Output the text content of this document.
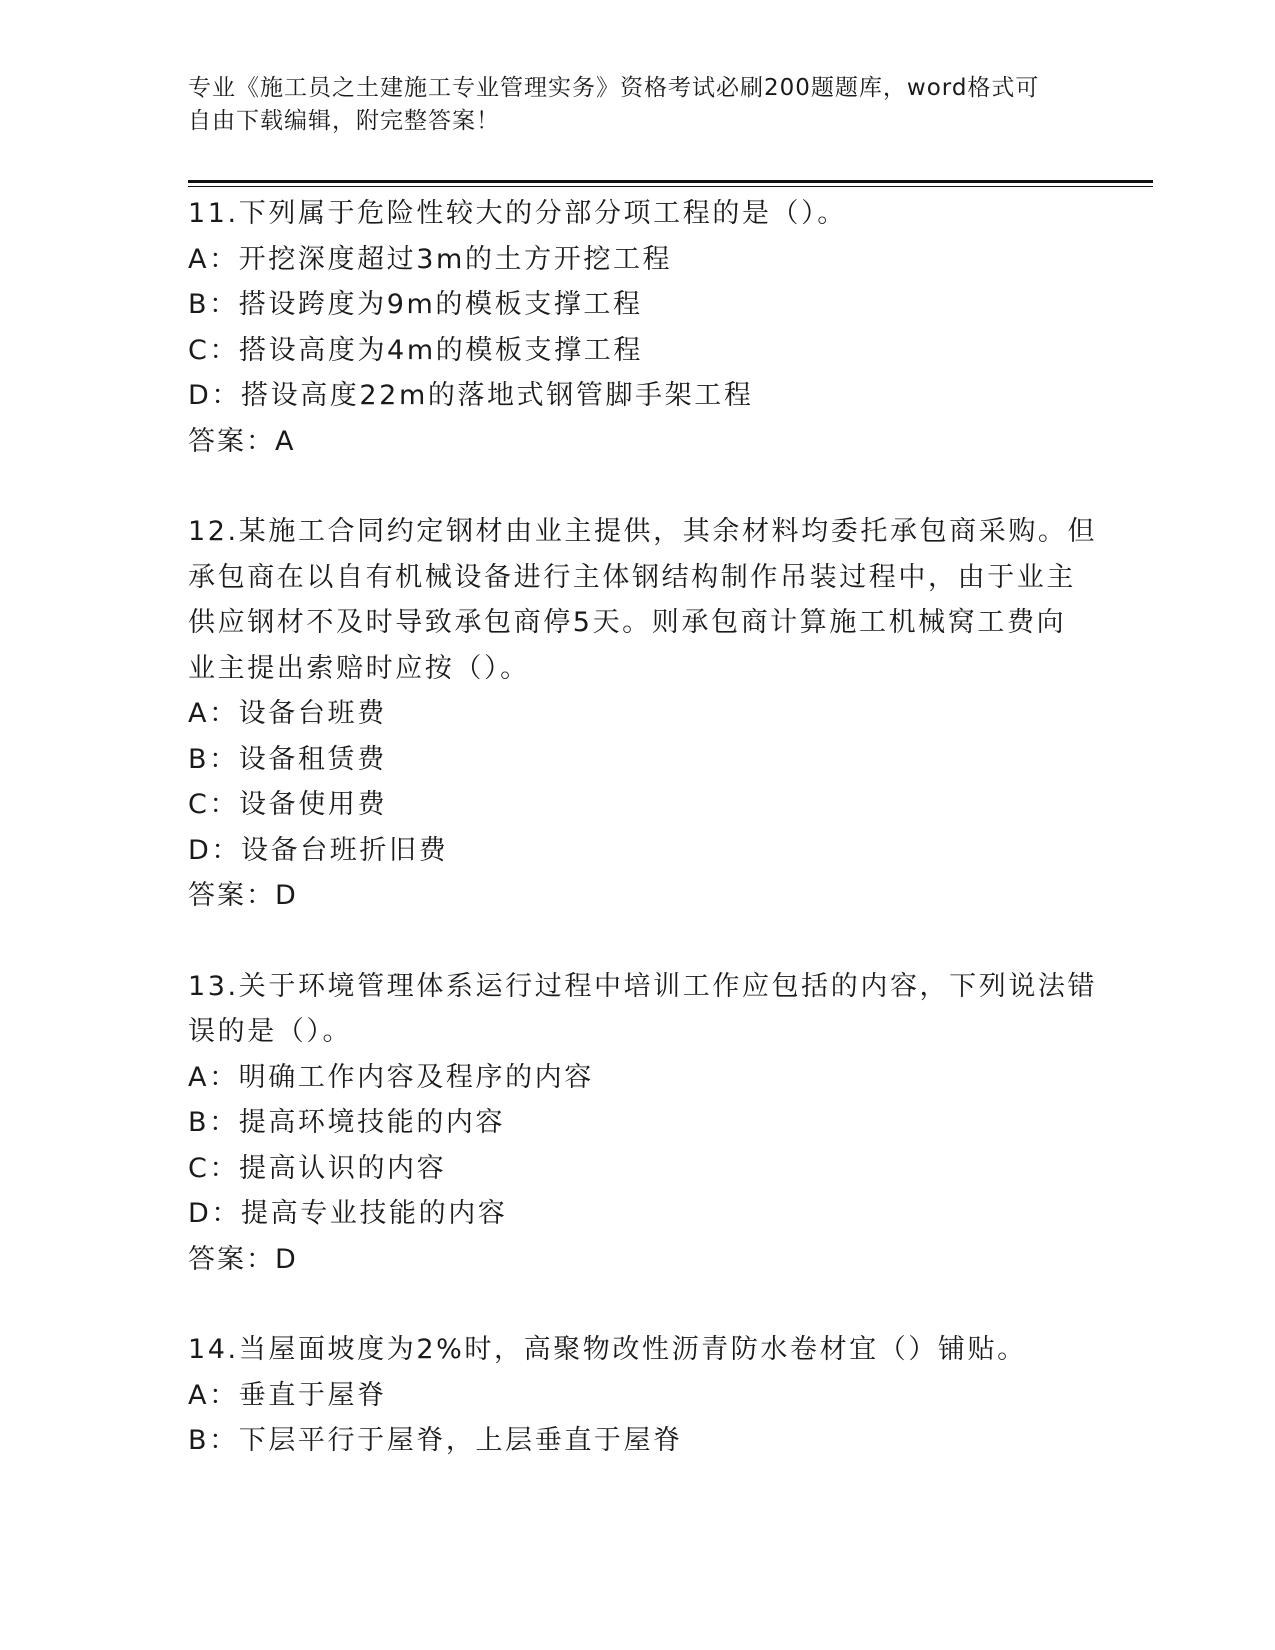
专业《施工员之土建施工专业管理实务》资格考试必刷200题题库，word格式可

自由下载编辑，附完整答案！

11.下列属于危险性较大的分部分项工程的是（）。
A：开挖深度超过3m的土方开挖工程
B：搭设跨度为9m的模板支撑工程
C：搭设高度为4m的模板支撑工程
D：搭设高度22m的落地式钢管脚手架工程
答案：A
12.某施工合同约定钢材由业主提供，其余材料均委托承包商采购。但
承包商在以自有机械设备进行主体钢结构制作吊装过程中，由于业主
供应钢材不及时导致承包商停5天。则承包商计算施工机械窝工费向
业主提出索赔时应按（）。
A：设备台班费
B：设备租赁费
C：设备使用费
D：设备台班折旧费
答案：D
13.关于环境管理体系运行过程中培训工作应包括的内容，下列说法错
误的是（）。
A：明确工作内容及程序的内容
B：提高环境技能的内容
C：提高认识的内容
D：提高专业技能的内容
答案：D
14.当屋面坡度为2%时，高聚物改性沥青防水卷材宜（）铺贴。
A：垂直于屋脊
B：下层平行于屋脊，上层垂直于屋脊
